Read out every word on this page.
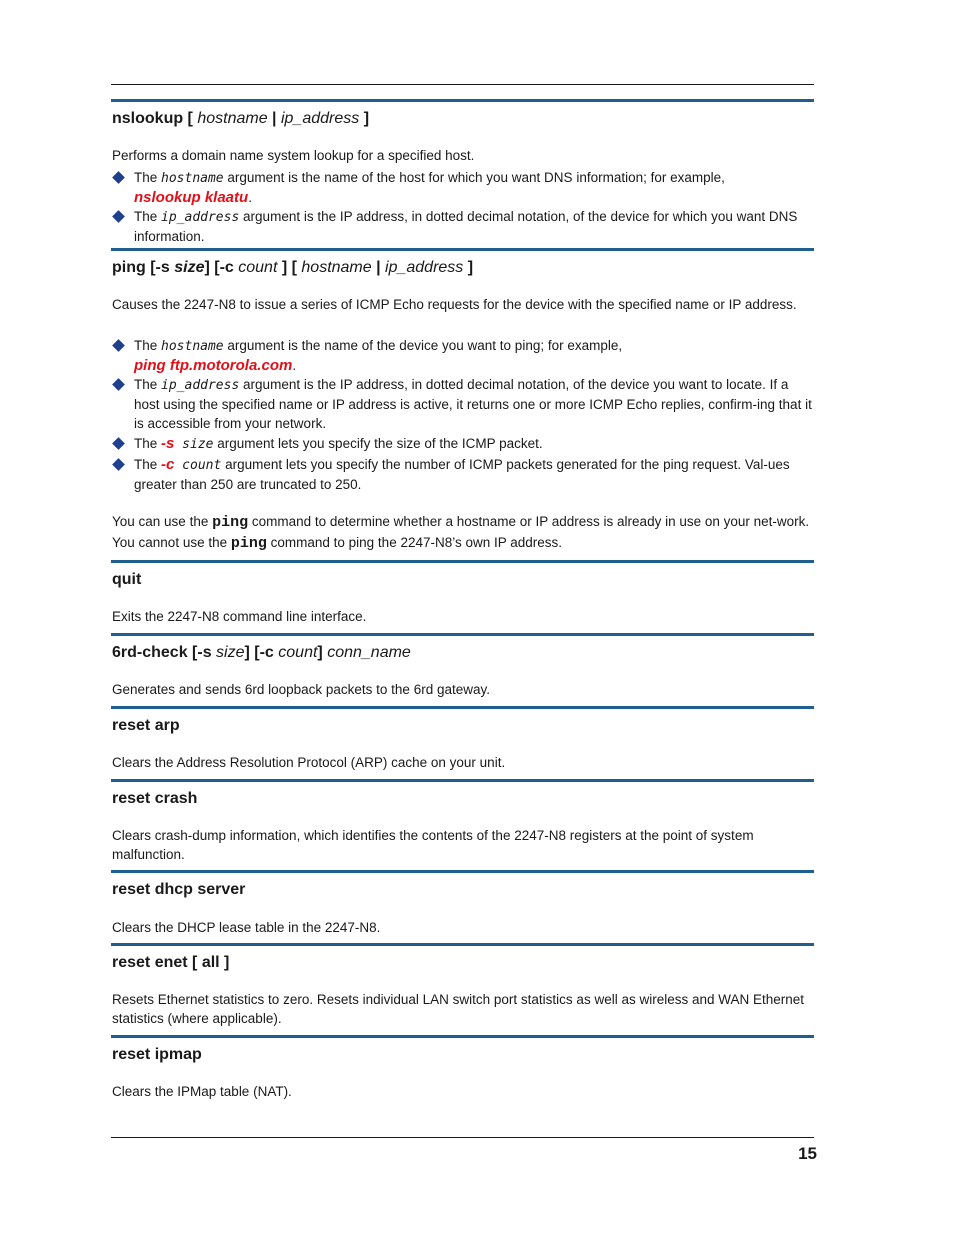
nslookup [ hostname | ip_address ]
Performs a domain name system lookup for a specified host.
The hostname argument is the name of the host for which you want DNS information; for example,
nslookup klaatu.
The ip_address argument is the IP address, in dotted decimal notation, of the device for which you want DNS information.
ping [-s size] [-c count ] [ hostname | ip_address ]
Causes the 2247-N8 to issue a series of ICMP Echo requests for the device with the specified name or IP address.
The hostname argument is the name of the device you want to ping; for example,
ping ftp.motorola.com.
The ip_address argument is the IP address, in dotted decimal notation, of the device you want to locate. If a host using the specified name or IP address is active, it returns one or more ICMP Echo replies, confirm-ing that it is accessible from your network.
The -s size argument lets you specify the size of the ICMP packet.
The -c count argument lets you specify the number of ICMP packets generated for the ping request. Val-ues greater than 250 are truncated to 250.
You can use the ping command to determine whether a hostname or IP address is already in use on your net-work. You cannot use the ping command to ping the 2247-N8’s own IP address.
quit
Exits the 2247-N8 command line interface.
6rd-check [-s size] [-c count] conn_name
Generates and sends 6rd loopback packets to the 6rd gateway.
reset arp
Clears the Address Resolution Protocol (ARP) cache on your unit.
reset crash
Clears crash-dump information, which identifies the contents of the 2247-N8 registers at the point of system malfunction.
reset dhcp server
Clears the DHCP lease table in the 2247-N8.
reset enet [ all ]
Resets Ethernet statistics to zero. Resets individual LAN switch port statistics as well as wireless and WAN Ethernet statistics (where applicable).
reset ipmap
Clears the IPMap table (NAT).
15
